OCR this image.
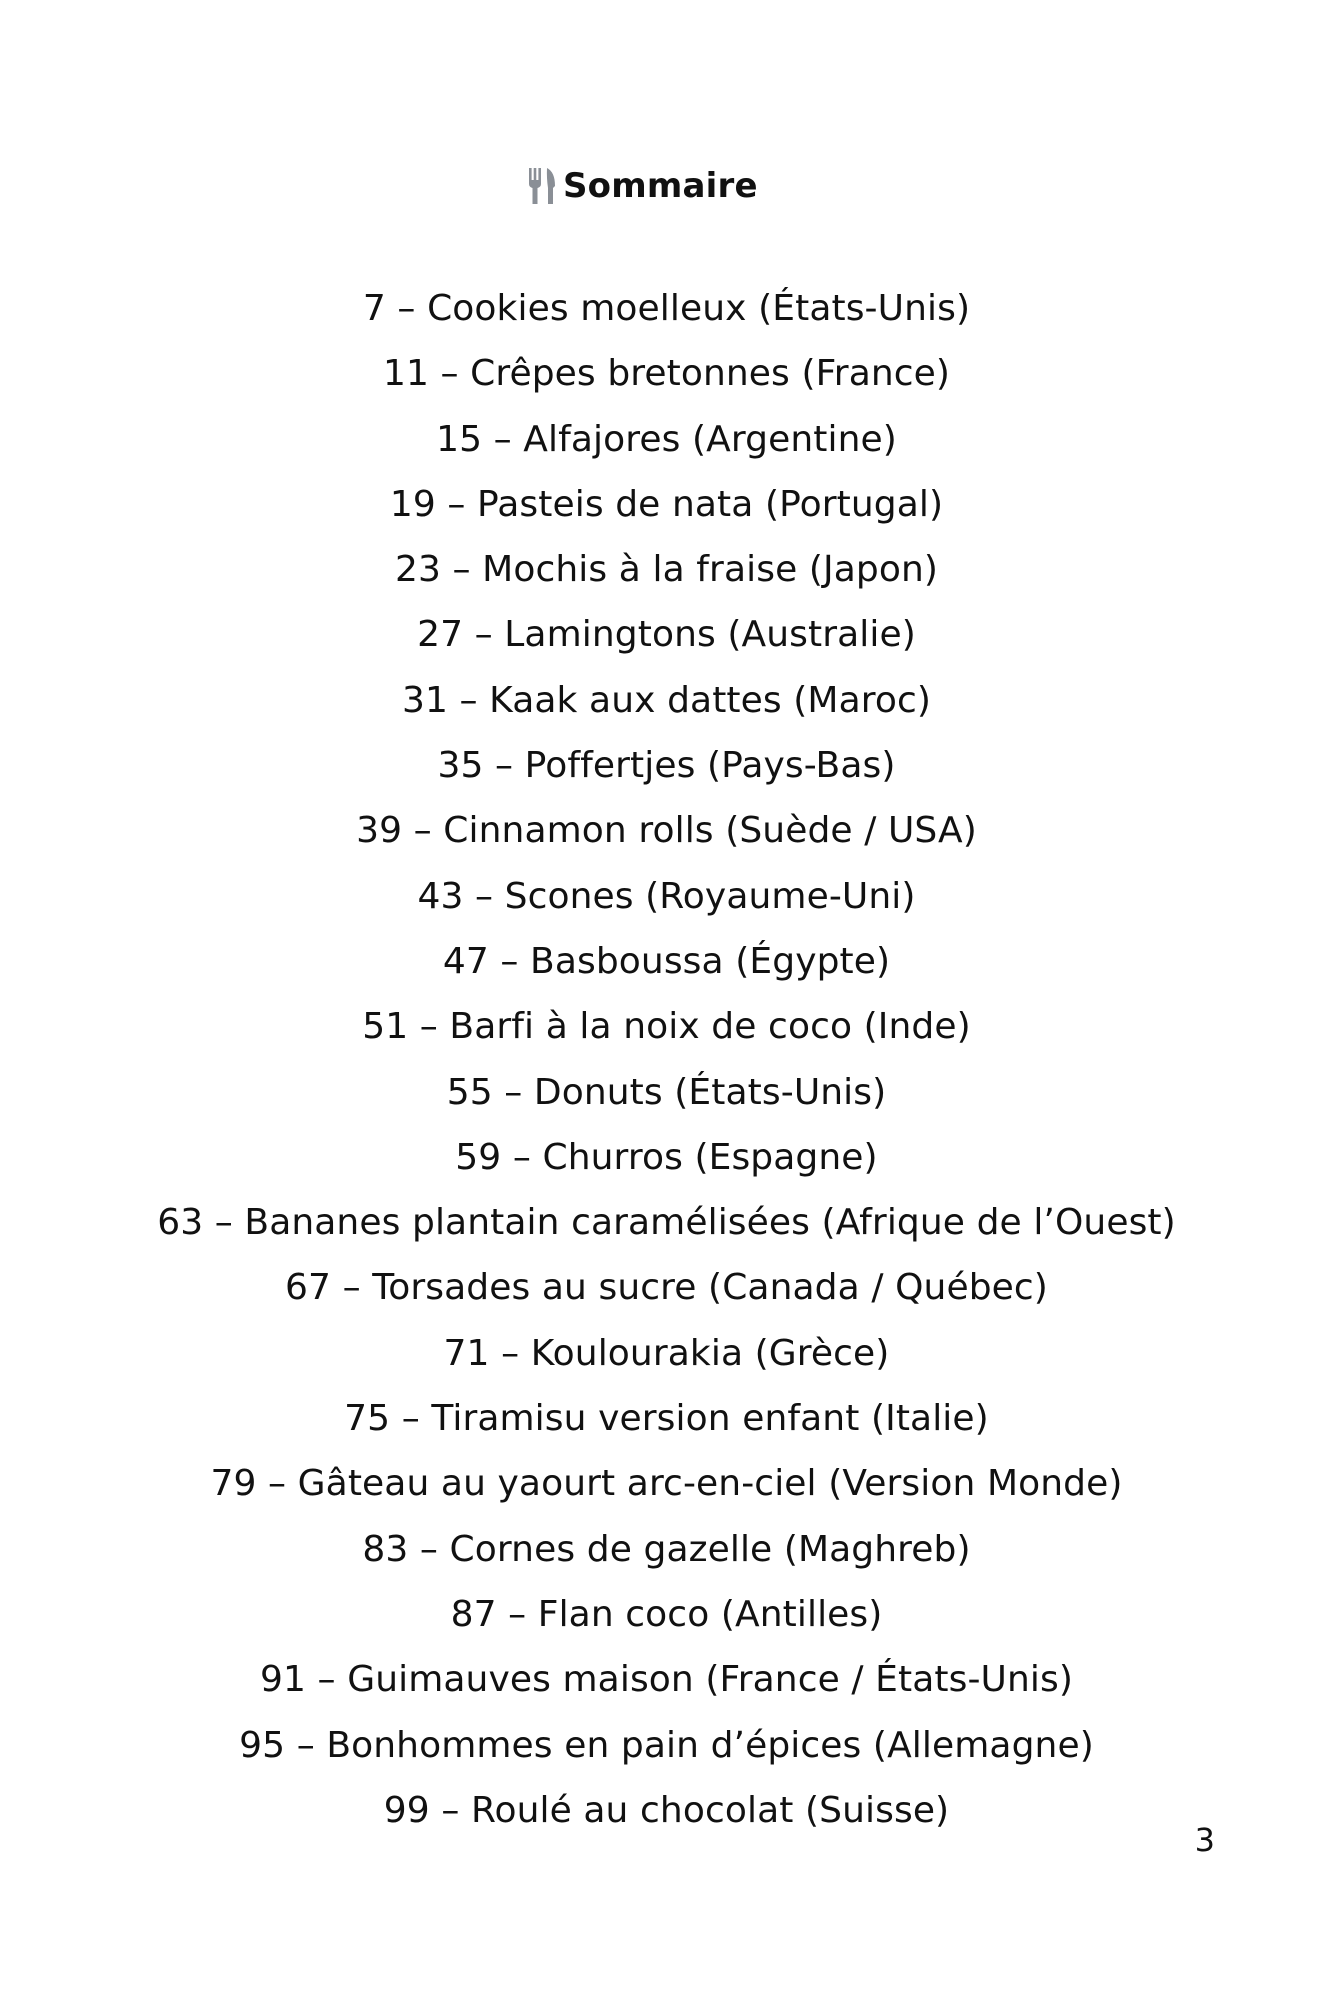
Sommaire
7 – Cookies moelleux (États-Unis)
11 – Crêpes bretonnes (France)
15 – Alfajores (Argentine)
19 – Pasteis de nata (Portugal)
23 – Mochis à la fraise (Japon)
27 – Lamingtons (Australie)
31 – Kaak aux dattes (Maroc)
35 – Poffertjes (Pays-Bas)
39 – Cinnamon rolls (Suède / USA)
43 – Scones (Royaume-Uni)
47 – Basboussa (Égypte)
51 – Barfi à la noix de coco (Inde)
55 – Donuts (États-Unis)
59 – Churros (Espagne)
63 – Bananes plantain caramélisées (Afrique de l’Ouest)
67 – Torsades au sucre (Canada / Québec)
71 – Koulourakia (Grèce)
75 – Tiramisu version enfant (Italie)
79 – Gâteau au yaourt arc-en-ciel (Version Monde)
83 – Cornes de gazelle (Maghreb)
87 – Flan coco (Antilles)
91 – Guimauves maison (France / États-Unis)
95 – Bonhommes en pain d’épices (Allemagne)
99 – Roulé au chocolat (Suisse)
3
